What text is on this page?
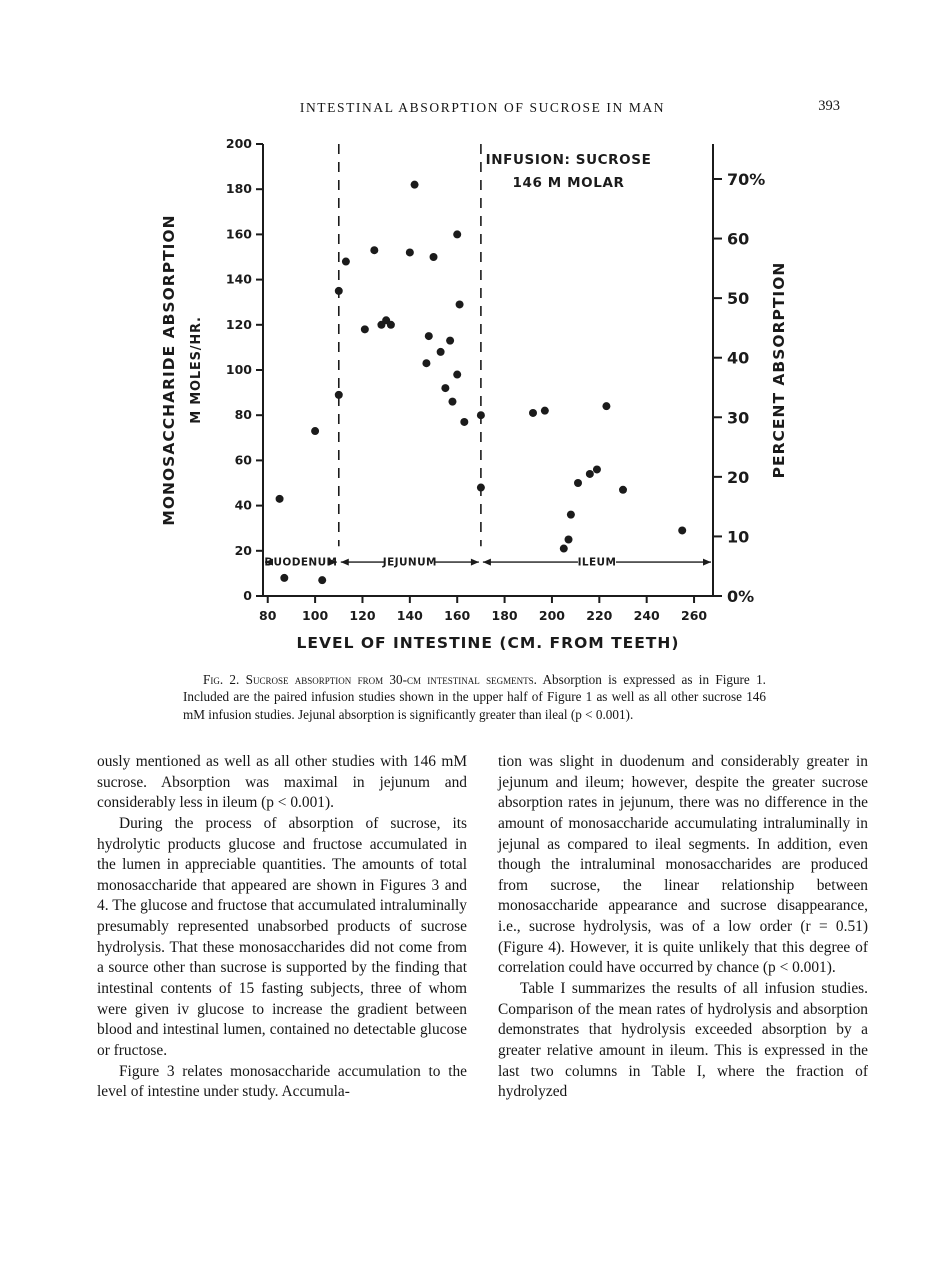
INTESTINAL ABSORPTION OF SUCROSE IN MAN	393
0
20
40
60
80
100
120
140
160
180
200
80 100 120 140 160 180 200 220 240 260
70%
60
50
40
30
20
10
0%
DUODENUM	JEJUNUM	ILEUM
INFUSION: SUCROSE
146 M MOLAR
MONOSACCHARIDE ABSORPTION M MOLES/HR.	PERCENT ABSORPTION
LEVEL OF INTESTINE (CM. FROM TEETH)
Fig. 2. Sucrose absorption from 30-cm intestinal segments. Absorption is expressed as in Figure 1. Included are the paired infusion studies shown in the upper half of Figure 1 as well as all other sucrose 146 mM infusion studies. Jejunal absorption is significantly greater than ileal (p < 0.001).

ously mentioned as well as all other studies with 146 mM sucrose. Absorption was maximal in jejunum and considerably less in ileum (p < 0.001).

During the process of absorption of sucrose, its hydrolytic products glucose and fructose accumulated in the lumen in appreciable quantities. The amounts of total monosaccharide that appeared are shown in Figures 3 and 4. The glucose and fructose that accumulated intraluminally presumably represented unabsorbed products of sucrose hydrolysis. That these monosaccharides did not come from a source other than sucrose is supported by the finding that intestinal contents of 15 fasting subjects, three of whom were given iv glucose to increase the gradient between blood and intestinal lumen, contained no detectable glucose or fructose.

Figure 3 relates monosaccharide accumulation to the level of intestine under study. Accumula-

tion was slight in duodenum and considerably greater in jejunum and ileum; however, despite the greater sucrose absorption rates in jejunum, there was no difference in the amount of monosaccharide accumulating intraluminally in jejunal as compared to ileal segments. In addition, even though the intraluminal monosaccharides are produced from sucrose, the linear relationship between monosaccharide appearance and sucrose disappearance, i.e., sucrose hydrolysis, was of a low order (r = 0.51) (Figure 4). However, it is quite unlikely that this degree of correlation could have occurred by chance (p < 0.001).

Table I summarizes the results of all infusion studies. Comparison of the mean rates of hydrolysis and absorption demonstrates that hydrolysis exceeded absorption by a greater relative amount in ileum. This is expressed in the last two columns in Table I, where the fraction of hydrolyzed
